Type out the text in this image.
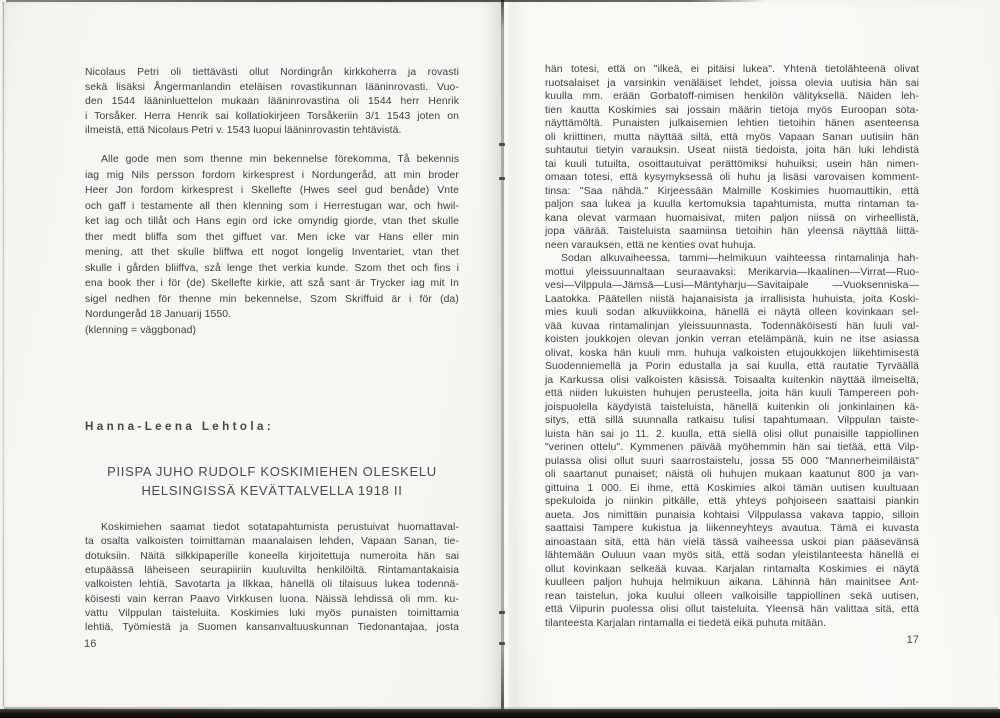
Nicolaus Petri oli tiettävästi ollut Nordingrån kirkkoherra ja rovasti
sekä lisäksi Ångermanlandin eteläisen rovastikunnan lääninrovasti. Vuo-
den 1544 lääninluettelon mukaan lääninrovastina oli 1544 herr Henrik
i Torsåker. Herra Henrik sai kollatiokirjeen Torsåkeriin 3/1 1543 joten on
ilmeistä, että Nicolaus Petri v. 1543 luopui lääninrovastin tehtävistä.
Alle gode men som thenne min bekennelse förekomma, Tå bekennis
iag mig Nils persson fordom kirkesprest i Nordungeråd, att min broder
Heer Jon fordom kirkesprest i Skellefte (Hwes seel gud benåde) Vnte
och gaff i testamente all then klenning som i Herrestugan war, och hwil-
ket iag och tillåt och Hans egin ord icke omyndig giorde, vtan thet skulle
ther medt bliffa som thet giffuet var. Men icke var Hans eller min
mening, att thet skulle bliffwa ett nogot longelig Inventariet, vtan thet
skulle i gården bliiffva, szå lenge thet verkia kunde. Szom thet och fins i
ena book ther i för (de) Skellefte kirkie, att szå sant är Trycker iag mit In
sigel nedhen för thenne min bekennelse, Szom Skriffuid är i för (da)
Nordungeråd 18 Januarij 1550.
(klenning = väggbonad)
Hanna-Leena Lehtola:
PIISPA JUHO RUDOLF KOSKIMIEHEN OLESKELU
HELSINGISSÄ KEVÄTTALVELLA 1918 II
Koskimiehen saamat tiedot sotatapahtumista perustuivat huomattaval-
ta osalta valkoisten toimittaman maanalaisen lehden, Vapaan Sanan, tie-
dotuksiin. Näitä silkkipaperille koneella kirjoitettuja numeroita hän sai
etupäässä läheiseen seurapiiriin kuuluvilta henkilöiltä. Rintamantakaisia
valkoisten lehtiä, Savotarta ja Ilkkaa, hänellä oli tilaisuus lukea todennä-
köisesti vain kerran Paavo Virkkusen luona. Näissä lehdissä oli mm. ku-
vattu Vilppulan taisteluita. Koskimies luki myös punaisten toimittamia
lehtiä, Työmiestä ja Suomen kansanvaltuuskunnan Tiedonantajaa, josta
16
hän totesi, että on "ilkeä, ei pitäisi lukea". Yhtenä tietolähteenä olivat
ruotsalaiset ja varsinkin venäläiset lehdet, joissa olevia uutisia hän sai
kuulla mm. erään Gorbatoff-nimisen henkilön välityksellä. Näiden leh-
tien kautta Koskimies sai jossain määrin tietoja myös Euroopan sota-
näyttämöltä. Punaisten julkaisemien lehtien tietoihin hänen asenteensa
oli kriittinen, mutta näyttää siltä, että myös Vapaan Sanan uutisiin hän
suhtautui tietyin varauksin. Useat niistä tiedoista, joita hän luki lehdistä
tai kuuli tutuilta, osoittautuivat perättömiksi huhuiksi; usein hän nimen-
omaan totesi, että kysymyksessä oli huhu ja lisäsi varovaisen komment-
tinsa: "Saa nähdä." Kirjeessään Malmille Koskimies huomauttikin, että
paljon saa lukea ja kuulla kertomuksia tapahtumista, mutta rintaman ta-
kana olevat varmaan huomaisivat, miten paljon niissä on virheellistä,
jopa väärää. Taisteluista saamiinsa tietoihin hän yleensä näyttää liittä-
neen varauksen, että ne kenties ovat huhuja.
Sodan alkuvaiheessa, tammi—helmikuun vaihteessa rintamalinja hah-
mottui yleissuunnaltaan seuraavaksi: Merikarvia—Ikaalinen—Virrat—Ruo-
vesi—Vilppula—Jämsä—Lusi—Mäntyharju—Savitaipale —Vuoksenniska—
Laatokka. Päätellen niistä hajanaisista ja irrallisista huhuista, joita Koski-
mies kuuli sodan alkuviikkoina, hänellä ei näytä olleen kovinkaan sel-
vää kuvaa rintamalinjan yleissuunnasta. Todennäköisesti hän luuli val-
koisten joukkojen olevan jonkin verran etelämpänä, kuin ne itse asiassa
olivat, koska hän kuuli mm. huhuja valkoisten etujoukkojen liikehtimisestä
Suodenniemellä ja Porin edustalla ja sai kuulla, että rautatie Tyrväällä
ja Karkussa olisi valkoisten käsissä. Toisaalta kuitenkin näyttää ilmeiseltä,
että niiden lukuisten huhujen perusteella, joita hän kuuli Tampereen poh-
joispuolella käydyistä taisteluista, hänellä kuitenkin oli jonkinlainen kä-
sitys, että sillä suunnalla ratkaisu tulisi tapahtumaan. Vilppulan taiste-
luista hän sai jo 11. 2. kuulla, että siellä olisi ollut punaisille tappiollinen
"verinen ottelu". Kymmenen päivää myöhemmin hän sai tietää, että Vilp-
pulassa olisi ollut suuri saarrostaistelu, jossa 55 000 "Mannerheimiläistä"
oli saartanut punaiset; näistä oli huhujen mukaan kaatunut 800 ja van-
gittuina 1 000. Ei ihme, että Koskimies alkoi tämän uutisen kuultuaan
spekuloida jo niinkin pitkälle, että yhteys pohjoiseen saattaisi piankin
aueta. Jos nimittäin punaisia kohtaisi Vilppulassa vakava tappio, silloin
saattaisi Tampere kukistua ja liikenneyhteys avautua. Tämä ei kuvasta
ainoastaan sitä, että hän vielä tässä vaiheessa uskoi pian pääsevänsä
lähtemään Ouluun vaan myös sitä, että sodan yleistilanteesta hänellä ei
ollut kovinkaan selkeää kuvaa. Karjalan rintamalta Koskimies ei näytä
kuulleen paljon huhuja helmikuun aikana. Lähinnä hän mainitsee Ant-
rean taistelun, joka kuului olleen valkoisille tappiollinen sekä uutisen,
että Viipurin puolessa olisi ollut taisteluita. Yleensä hän valittaa sitä, että
tilanteesta Karjalan rintamalla ei tiedetä eikä puhuta mitään.
17
